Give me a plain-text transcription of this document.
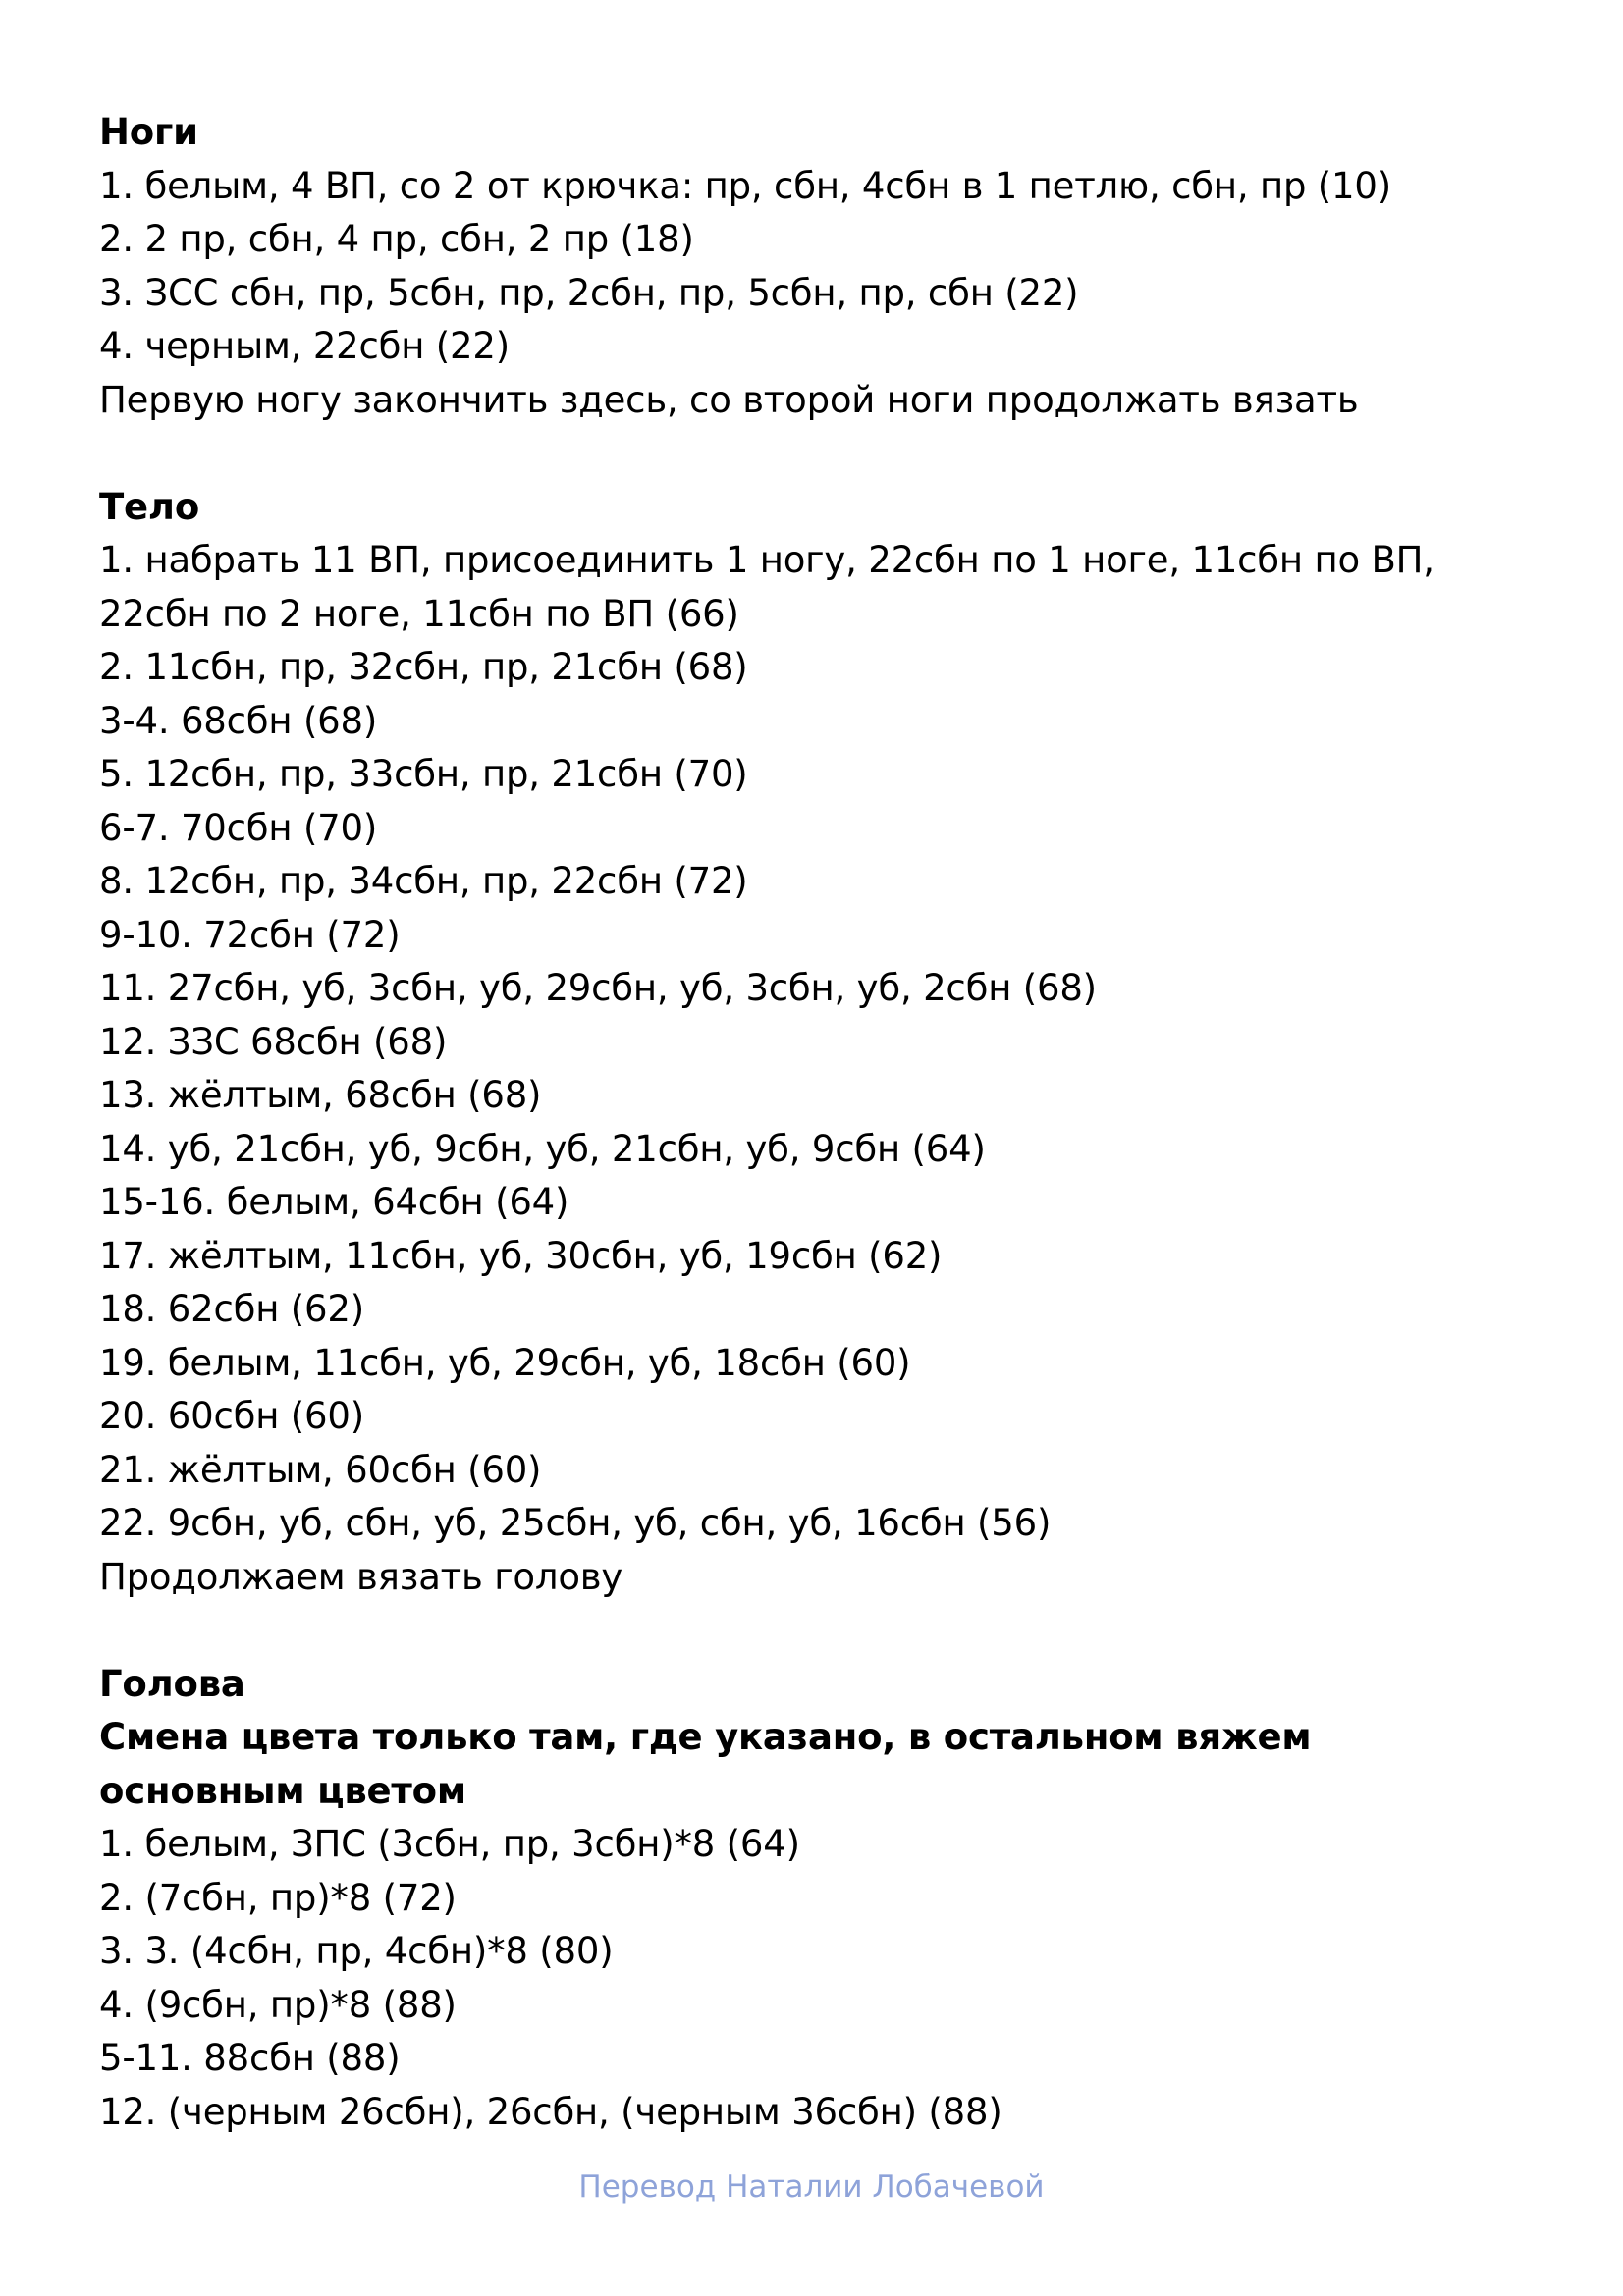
Ноги

1. белым, 4 ВП, со 2 от крючка: пр, сбн, 4сбн в 1 петлю, сбн, пр (10)

2. 2 пр, сбн, 4 пр, сбн, 2 пр (18)

3. ЗСС сбн, пр, 5сбн, пр, 2сбн, пр, 5сбн, пр, сбн (22)

4. черным, 22сбн (22)

Первую ногу закончить здесь, со второй ноги продолжать вязать

Тело

1. набрать 11 ВП, присоединить 1 ногу, 22сбн по 1 ноге, 11сбн по ВП, 22сбн по 2 ноге, 11сбн по ВП (66)

2. 11сбн, пр, 32сбн, пр, 21сбн (68)

3-4. 68сбн (68)

5. 12сбн, пр, 33сбн, пр, 21сбн (70)

6-7. 70сбн (70)

8. 12сбн, пр, 34сбн, пр, 22сбн (72)

9-10. 72сбн (72)

11. 27сбн, уб, 3сбн, уб, 29сбн, уб, 3сбн, уб, 2сбн (68)

12. ЗЗС 68сбн (68)

13. жёлтым, 68сбн (68)

14. уб, 21сбн, уб, 9сбн, уб, 21сбн, уб, 9сбн (64)

15-16. белым, 64сбн (64)

17. жёлтым, 11сбн, уб, 30сбн, уб, 19сбн (62)

18. 62сбн (62)

19. белым, 11сбн, уб, 29сбн, уб, 18сбн (60)

20. 60сбн (60)

21. жёлтым, 60сбн (60)

22. 9сбн, уб, сбн, уб, 25сбн, уб, сбн, уб, 16сбн (56)

Продолжаем вязать голову

Голова

Смена цвета только там, где указано, в остальном вяжем основным цветом

1. белым, ЗПС (3сбн, пр, 3сбн)*8 (64)

2. (7сбн, пр)*8 (72)

3. 3. (4сбн, пр, 4сбн)*8 (80)

4. (9сбн, пр)*8 (88)

5-11. 88сбн (88)

12. (черным 26сбн), 26сбн, (черным 36сбн) (88)

Перевод Наталии Лобачевой
